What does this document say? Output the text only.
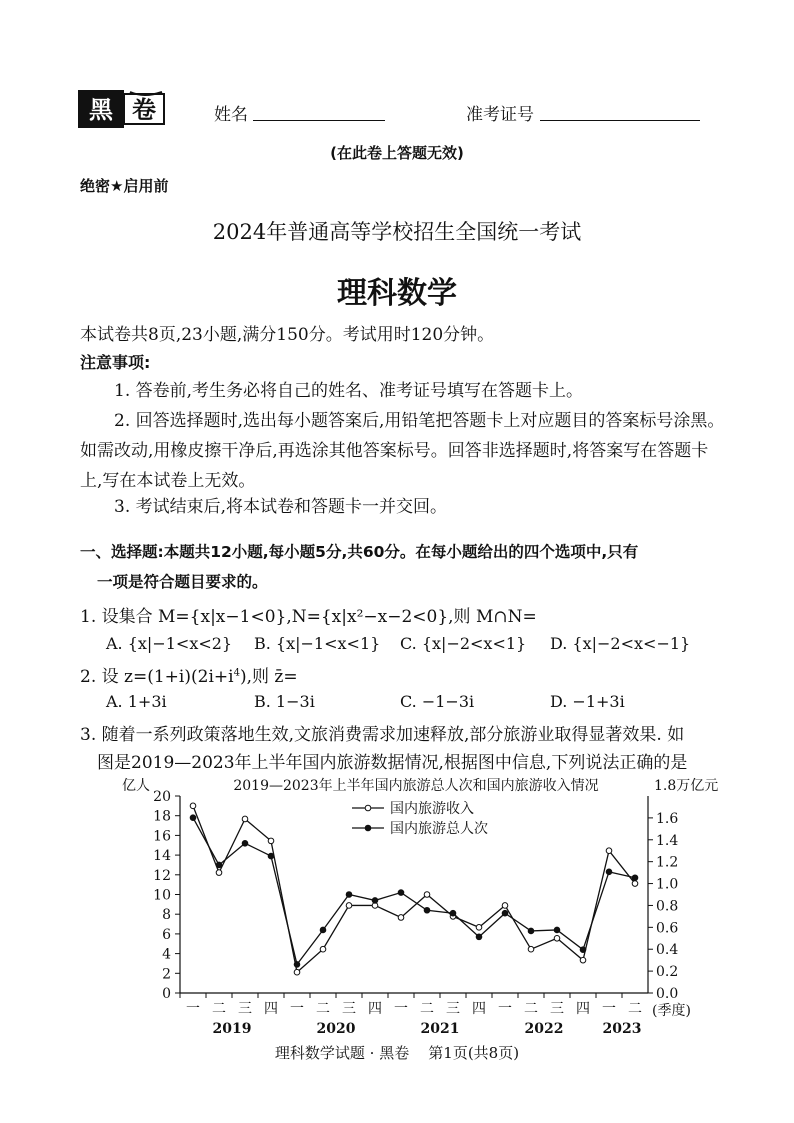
黑 卷	姓名	准考证号
(在此卷上答题无效)
绝密★启用前
2024年普通高等学校招生全国统一考试
理科数学
本试卷共8页,23小题,满分150分。考试用时120分钟。
注意事项:
1. 答卷前,考生务必将自己的姓名、准考证号填写在答题卡上。
2. 回答选择题时,选出每小题答案后,用铅笔把答题卡上对应题目的答案标号涂黑。如需改动,用橡皮擦干净后,再选涂其他答案标号。回答非选择题时,将答案写在答题卡上,写在本试卷上无效。
3. 考试结束后,将本试卷和答题卡一并交回。
一、选择题:本题共12小题,每小题5分,共60分。在每小题给出的四个选项中,只有
一项是符合题目要求的。
1. 设集合 M={x|x−1<0},N={x|x²−x−2<0},则 M∩N=
A. {x|−1<x<2} B. {x|−1<x<1} C. {x|−2<x<1} D. {x|−2<x<−1}
2. 设 $z=(1+i)(2i+i^4)$,则 z̄=
A. 1+3i	B. 1−3i	C. −1−3i	D. −1+3i
3. 随着一系列政策落地生效,文旅消费需求加速释放,部分旅游业取得显著效果. 如
图是2019—2023年上半年国内旅游数据情况,根据图中信息,下列说法正确的是
2019—2023年上半年国内旅游总人次和国内旅游收入情况
亿人	1.8万亿元
(季度)
0
2
4
6
8
10
12
14
16
18
20
0.0
0.2
0.4
0.6
0.8
1.0
1.2
1.4
1.6
一 二 三 四 一 二 三 四 一 二 三 四 一 二 三 四 一 二
2019	2020	2021	2022	2023
国内旅游收入
国内旅游总人次
理科数学试题 · 黑卷    第1页(共8页)
